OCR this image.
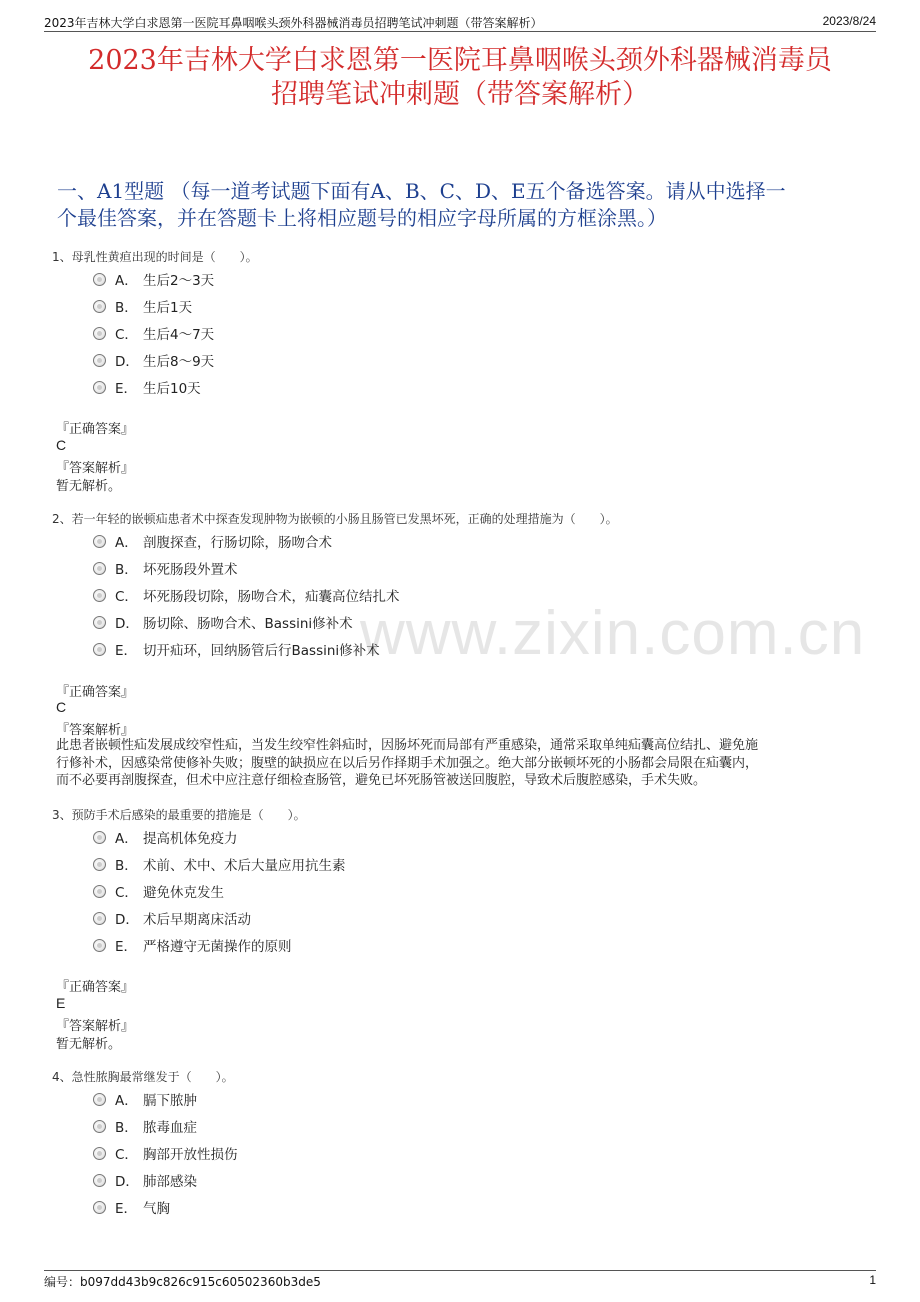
2023年吉林大学白求恩第一医院耳鼻咽喉头颈外科器械消毒员招聘笔试冲刺题（带答案解析）	2023/8/24
2023年吉林大学白求恩第一医院耳鼻咽喉头颈外科器械消毒员
招聘笔试冲刺题（带答案解析）
一、A1型题 （每一道考试题下面有A、B、C、D、E五个备选答案。请从中选择一
个最佳答案，并在答题卡上将相应题号的相应字母所属的方框涂黑。）
www.zixin.com.cn
1、母乳性黄疸出现的时间是（　　）。
A． 生后2～3天
B． 生后1天
C． 生后4～7天
D． 生后8～9天
E． 生后10天
『正确答案』
C
『答案解析』
暂无解析。
2、若一年轻的嵌顿疝患者术中探查发现肿物为嵌顿的小肠且肠管已发黑坏死，正确的处理措施为（　　）。
A． 剖腹探查，行肠切除，肠吻合术
B． 坏死肠段外置术
C． 坏死肠段切除，肠吻合术，疝囊高位结扎术
D． 肠切除、肠吻合术、Bassini修补术
E． 切开疝环，回纳肠管后行Bassini修补术
『正确答案』
C
『答案解析』
此患者嵌顿性疝发展成绞窄性疝，当发生绞窄性斜疝时，因肠坏死而局部有严重感染，通常采取单纯疝囊高位结扎、避免施
行修补术，因感染常使修补失败；腹壁的缺损应在以后另作择期手术加强之。绝大部分嵌顿坏死的小肠都会局限在疝囊内，
而不必要再剖腹探查，但术中应注意仔细检查肠管，避免已坏死肠管被送回腹腔，导致术后腹腔感染，手术失败。
3、预防手术后感染的最重要的措施是（　　）。
A． 提高机体免疫力
B． 术前、术中、术后大量应用抗生素
C． 避免休克发生
D． 术后早期离床活动
E． 严格遵守无菌操作的原则
『正确答案』
E
『答案解析』
暂无解析。
4、急性脓胸最常继发于（　　）。
A． 膈下脓肿
B． 脓毒血症
C． 胸部开放性损伤
D． 肺部感染
E． 气胸
编号：b097dd43b9c826c915c60502360b3de5	1
